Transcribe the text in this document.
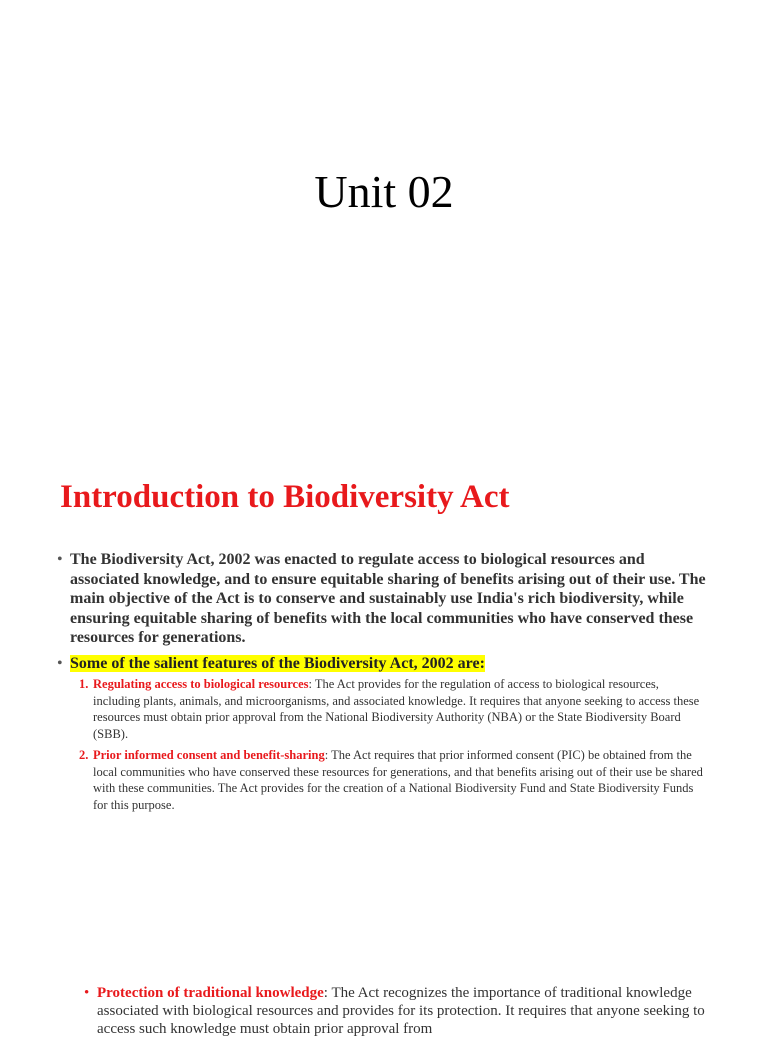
Unit 02
Introduction to Biodiversity Act
• The Biodiversity Act, 2002 was enacted to regulate access to biological resources and associated knowledge, and to ensure equitable sharing of benefits arising out of their use. The main objective of the Act is to conserve and sustainably use India's rich biodiversity, while ensuring equitable sharing of benefits with the local communities who have conserved these resources for generations.
• Some of the salient features of the Biodiversity Act, 2002 are:
1. Regulating access to biological resources: The Act provides for the regulation of access to biological resources, including plants, animals, and microorganisms, and associated knowledge. It requires that anyone seeking to access these resources must obtain prior approval from the National Biodiversity Authority (NBA) or the State Biodiversity Board (SBB).
2. Prior informed consent and benefit-sharing: The Act requires that prior informed consent (PIC) be obtained from the local communities who have conserved these resources for generations, and that benefits arising out of their use be shared with these communities. The Act provides for the creation of a National Biodiversity Fund and State Biodiversity Funds for this purpose.
• Protection of traditional knowledge: The Act recognizes the importance of traditional knowledge associated with biological resources and provides for its protection. It requires that anyone seeking to access such knowledge must obtain prior approval from
